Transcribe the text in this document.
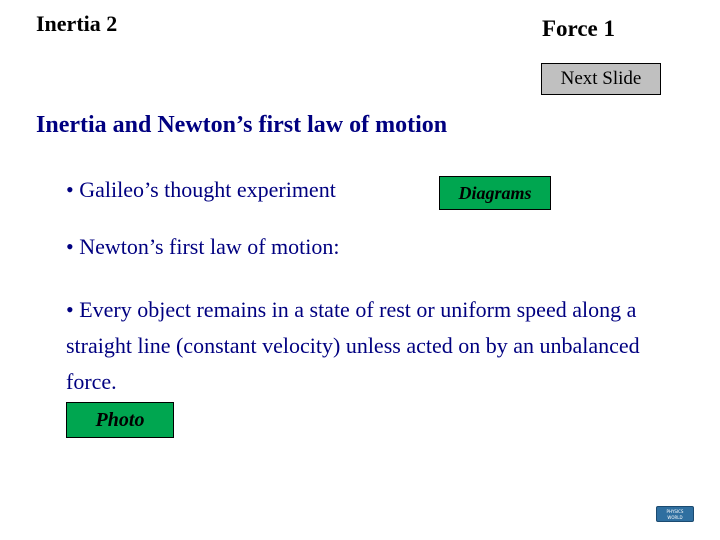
Inertia 2	Force 1
Next Slide
Inertia and Newton’s first law of motion
• Galileo’s thought experiment	Diagrams
• Newton’s first law of motion:
• Every object remains in a state of rest or uniform speed along a straight line (constant velocity) unless acted on by an unbalanced force.
Photo
PHYSICS
WORLD
